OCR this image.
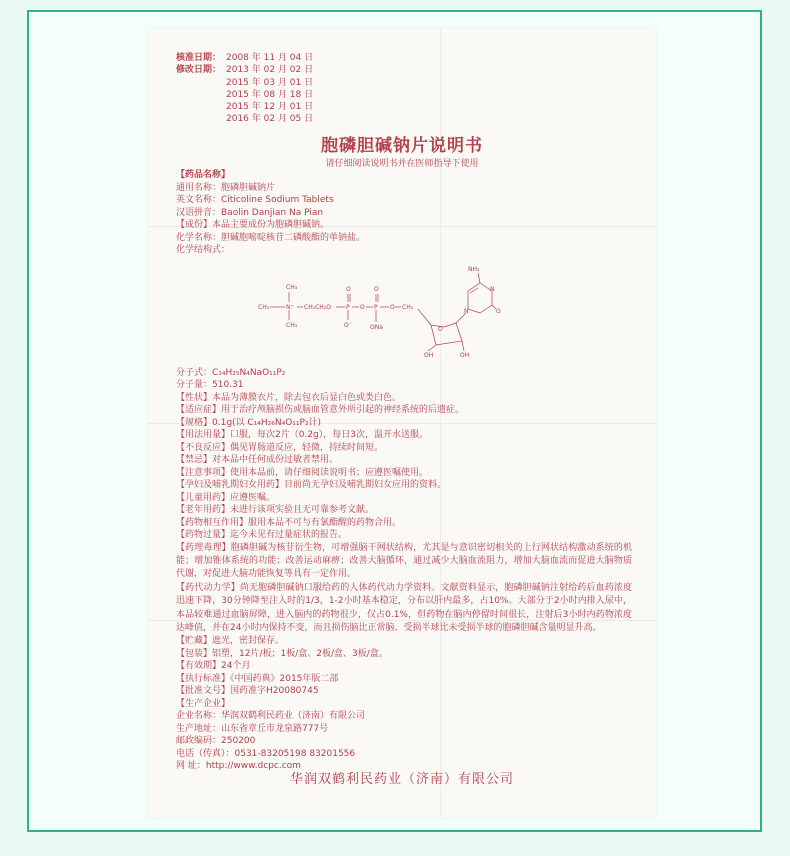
核准日期： 2008 年 11 月 04 日
修改日期： 2013 年 02 月 02 日
2015 年 03 月 01 日
2015 年 08 月 18 日
2015 年 12 月 01 日
2016 年 02 月 05 日
胞磷胆碱钠片说明书
请仔细阅读说明书并在医师指导下使用
【药品名称】
通用名称：胞磷胆碱钠片
英文名称：Citicoline Sodium Tablets
汉语拼音：Baolin Danjian Na Pian
【成份】本品主要成份为胞磷胆碱钠。
化学名称：胆碱胞嘧啶核苷二磷酸酯的单钠盐。
化学结构式：
CH₃
CH₃
CH₃	N⁺ CH₂CH₂O	P
O
O⁻
O P
O
ONa
O CH₂
NH₂
N
O
N
O
OH	OH
分子式：C₁₄H₂₅N₄NaO₁₁P₂
分子量：510.31
【性状】本品为薄膜衣片，除去包衣后显白色或类白色。
【适应症】用于治疗颅脑损伤或脑血管意外所引起的神经系统的后遗症。
【规格】0.1g(以 C₁₄H₂₆N₄O₁₁P₂计)
【用法用量】口服，每次2片（0.2g），每日3次，温开水送服。
【不良反应】偶见胃肠道反应，轻微，持续时间短。
【禁忌】对本品中任何成份过敏者禁用。
【注意事项】使用本品前，请仔细阅读说明书；应遵医嘱使用。
【孕妇及哺乳期妇女用药】目前尚无孕妇及哺乳期妇女应用的资料。
【儿童用药】应遵医嘱。
【老年用药】未进行该项实验且无可靠参考文献。
【药物相互作用】服用本品不可与有氯酯醒的药物合用。
【药物过量】迄今未见有过量症状的报告。
【药理毒理】胞磷胆碱为核苷衍生物，可增强脑干网状结构，尤其是与意识密切相关的上行网状结构激动系统的机能；增加锥体系统的功能；改善运动麻痹；改善大脑循环，通过减少大脑血流阻力，增加大脑血流而促进大脑物质代谢，对促进大脑功能恢复等具有一定作用。
【药代动力学】尚无胞磷胆碱钠口服给药的人体药代动力学资料。文献资料显示，胞磷胆碱钠注射给药后血药浓度迅速下降，30分钟降至注入时的1/3，1-2小时基本稳定，分布以肝内最多，占10%。大部分于2小时内排入尿中，本品较难通过血脑屏障，进入脑内的药物很少，仅占0.1%，但药物在脑内停留时间很长，注射后3小时内药物浓度达峰值，并在24小时内保持不变，而且损伤脑比正常脑、受损半球比未受损半球的胞磷胆碱含量明显升高。
【贮藏】遮光，密封保存。
【包装】铝塑，12片/板；1板/盒、2板/盒、3板/盒。
【有效期】24个月
【执行标准】《中国药典》2015年版二部
【批准文号】国药准字H20080745
【生产企业】
企业名称：华润双鹤利民药业（济南）有限公司
生产地址：山东省章丘市龙泉路777号
邮政编码：250200
电话（传真）：0531-83205198 83201556
网 址：http://www.dcpc.com
华润双鹤利民药业（济南）有限公司
